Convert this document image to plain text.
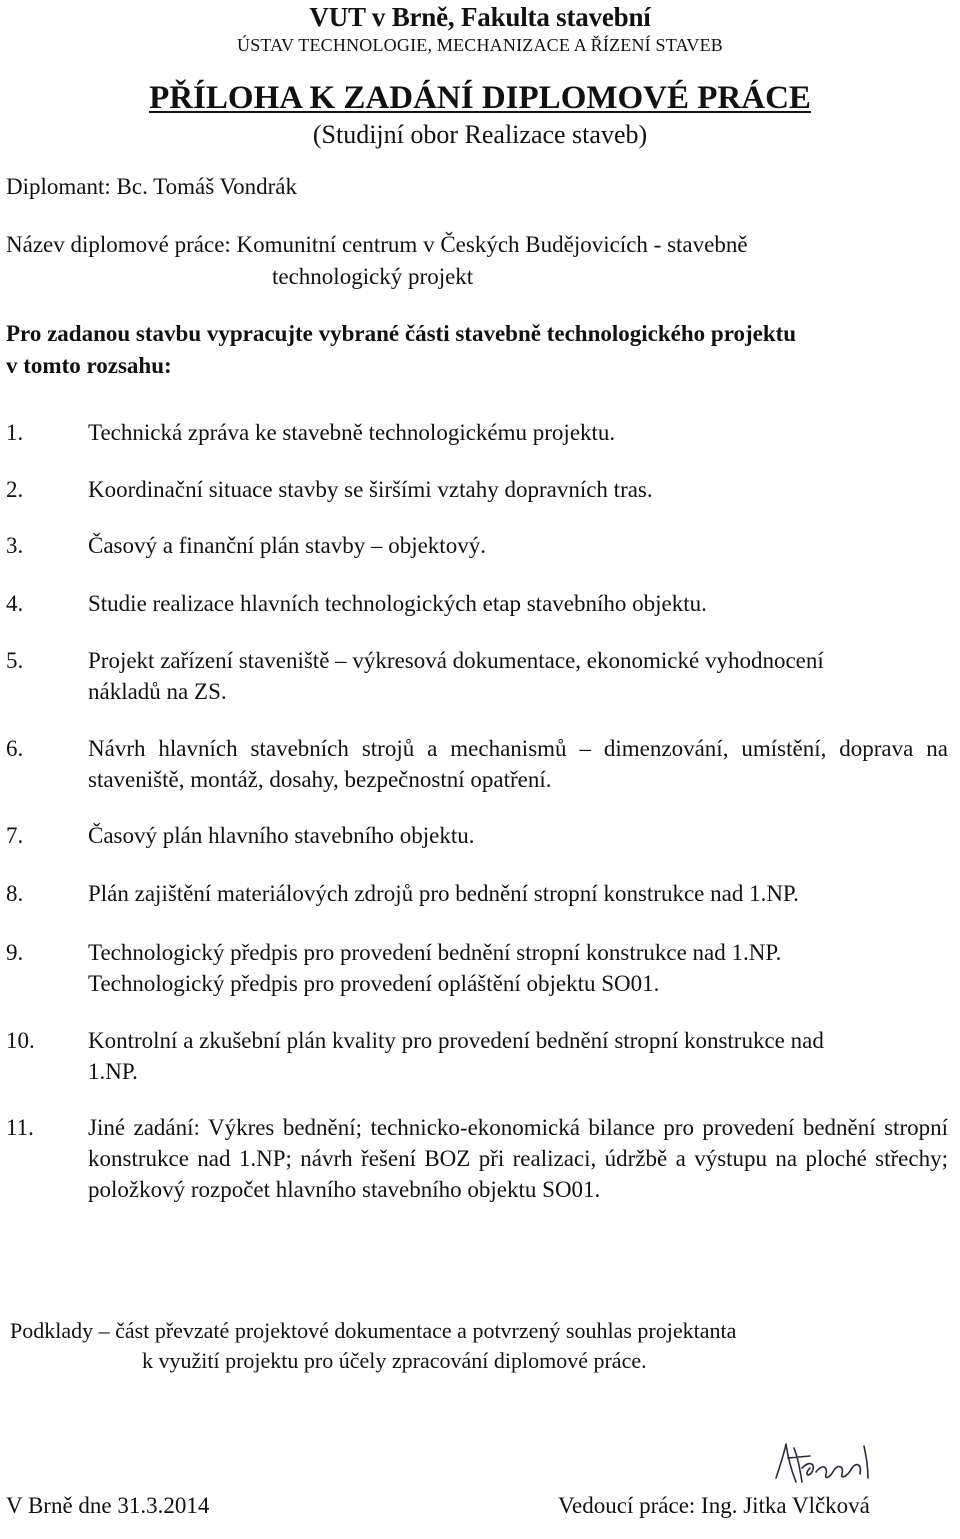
VUT v Brně, Fakulta stavební
ÚSTAV TECHNOLOGIE, MECHANIZACE A ŘÍZENÍ STAVEB
PŘÍLOHA K ZADÁNÍ DIPLOMOVÉ PRÁCE
(Studijní obor Realizace staveb)
Diplomant: Bc. Tomáš Vondrák
Název diplomové práce: Komunitní centrum v Českých Budějovicích - stavebně
technologický projekt
Pro zadanou stavbu vypracujte vybrané části stavebně technologického projektu
v tomto rozsahu:
1.	Technická zpráva ke stavebně technologickému projektu.
2.	Koordinační situace stavby se širšími vztahy dopravních tras.
3.	Časový a finanční plán stavby – objektový.
4.	Studie realizace hlavních technologických etap stavebního objektu.
5.	Projekt zařízení staveniště – výkresová dokumentace, ekonomické vyhodnocení nákladů na ZS.
6.	Návrh hlavních stavebních strojů a mechanismů – dimenzování, umístění, doprava na staveniště, montáž, dosahy, bezpečnostní opatření.
7.	Časový plán hlavního stavebního objektu.
8.	Plán zajištění materiálových zdrojů pro bednění stropní konstrukce nad 1.NP.
9.	Technologický předpis pro provedení bednění stropní konstrukce nad 1.NP.
Technologický předpis pro provedení opláštění objektu SO01.
10. Kontrolní a zkušební plán kvality pro provedení bednění stropní konstrukce nad 1.NP.
11. Jiné zadání: Výkres bednění; technicko-ekonomická bilance pro provedení bednění stropní konstrukce nad 1.NP; návrh řešení BOZ při realizaci, údržbě a výstupu na ploché střechy; položkový rozpočet hlavního stavebního objektu SO01.
Podklady – část převzaté projektové dokumentace a potvrzený souhlas projektanta
k využití projektu pro účely zpracování diplomové práce.
V Brně dne 31.3.2014	Vedoucí práce: Ing. Jitka Vlčková
